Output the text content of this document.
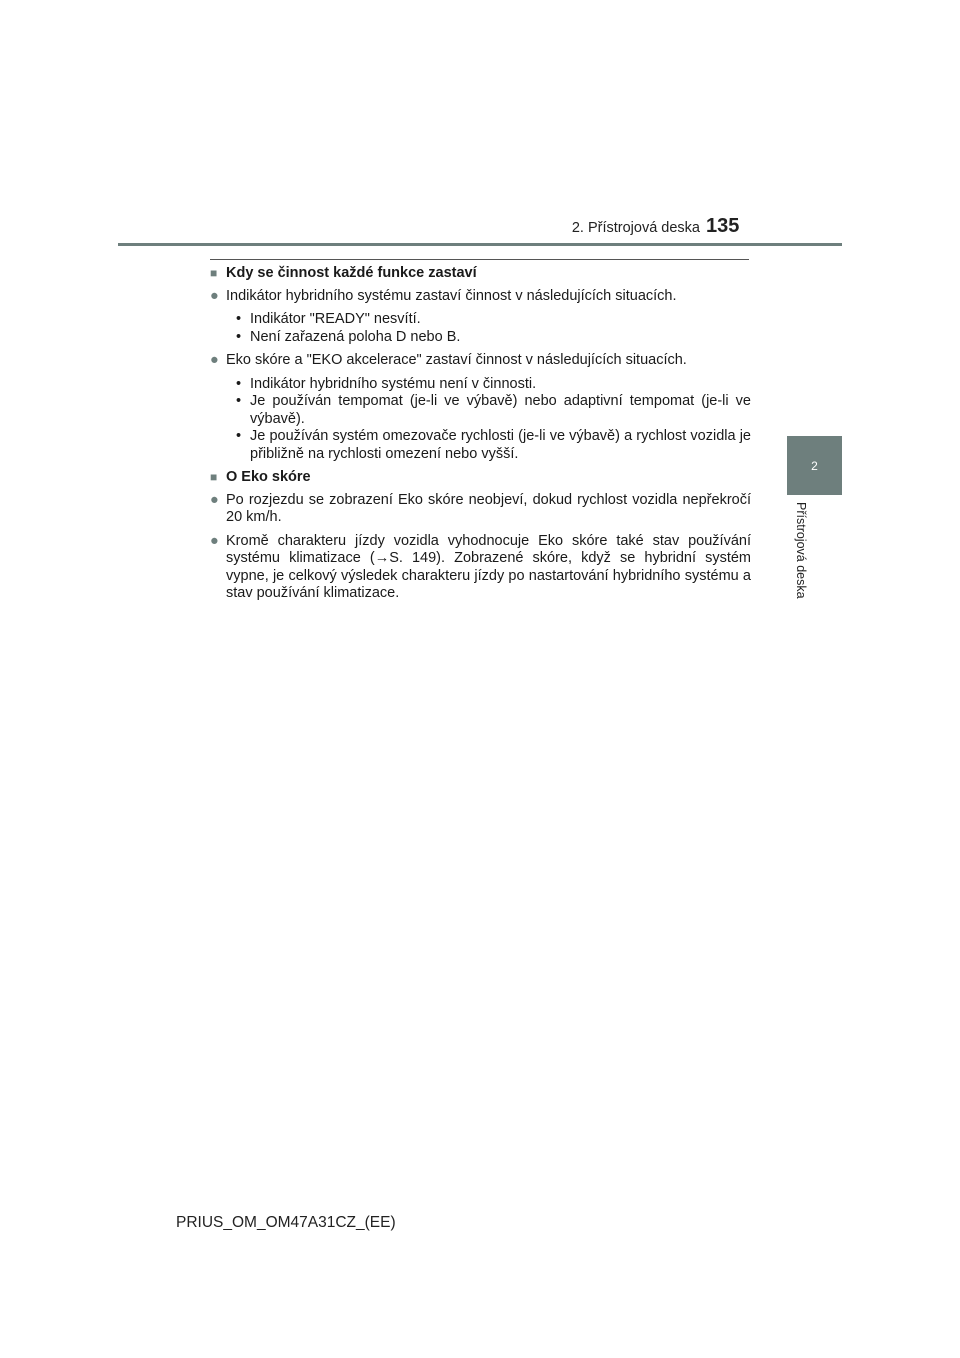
2. Přístrojová deska 135
2
Přístrojová deska
■ Kdy se činnost každé funkce zastaví
● Indikátor hybridního systému zastaví činnost v následujících situacích.
• Indikátor "READY" nesvítí.
• Není zařazená poloha D nebo B.
● Eko skóre a "EKO akcelerace" zastaví činnost v následujících situacích.
• Indikátor hybridního systému není v činnosti.
• Je používán tempomat (je-li ve výbavě) nebo adaptivní tempomat (je-li ve výbavě).
• Je používán systém omezovače rychlosti (je-li ve výbavě) a rychlost vozidla je přibližně na rychlosti omezení nebo vyšší.
■ O Eko skóre
● Po rozjezdu se zobrazení Eko skóre neobjeví, dokud rychlost vozidla nepřekročí 20 km/h.
● Kromě charakteru jízdy vozidla vyhodnocuje Eko skóre také stav používání systému klimatizace (→S. 149). Zobrazené skóre, když se hybridní systém vypne, je celkový výsledek charakteru jízdy po nastartování hybridního systému a stav používání klimatizace.
PRIUS_OM_OM47A31CZ_(EE)
